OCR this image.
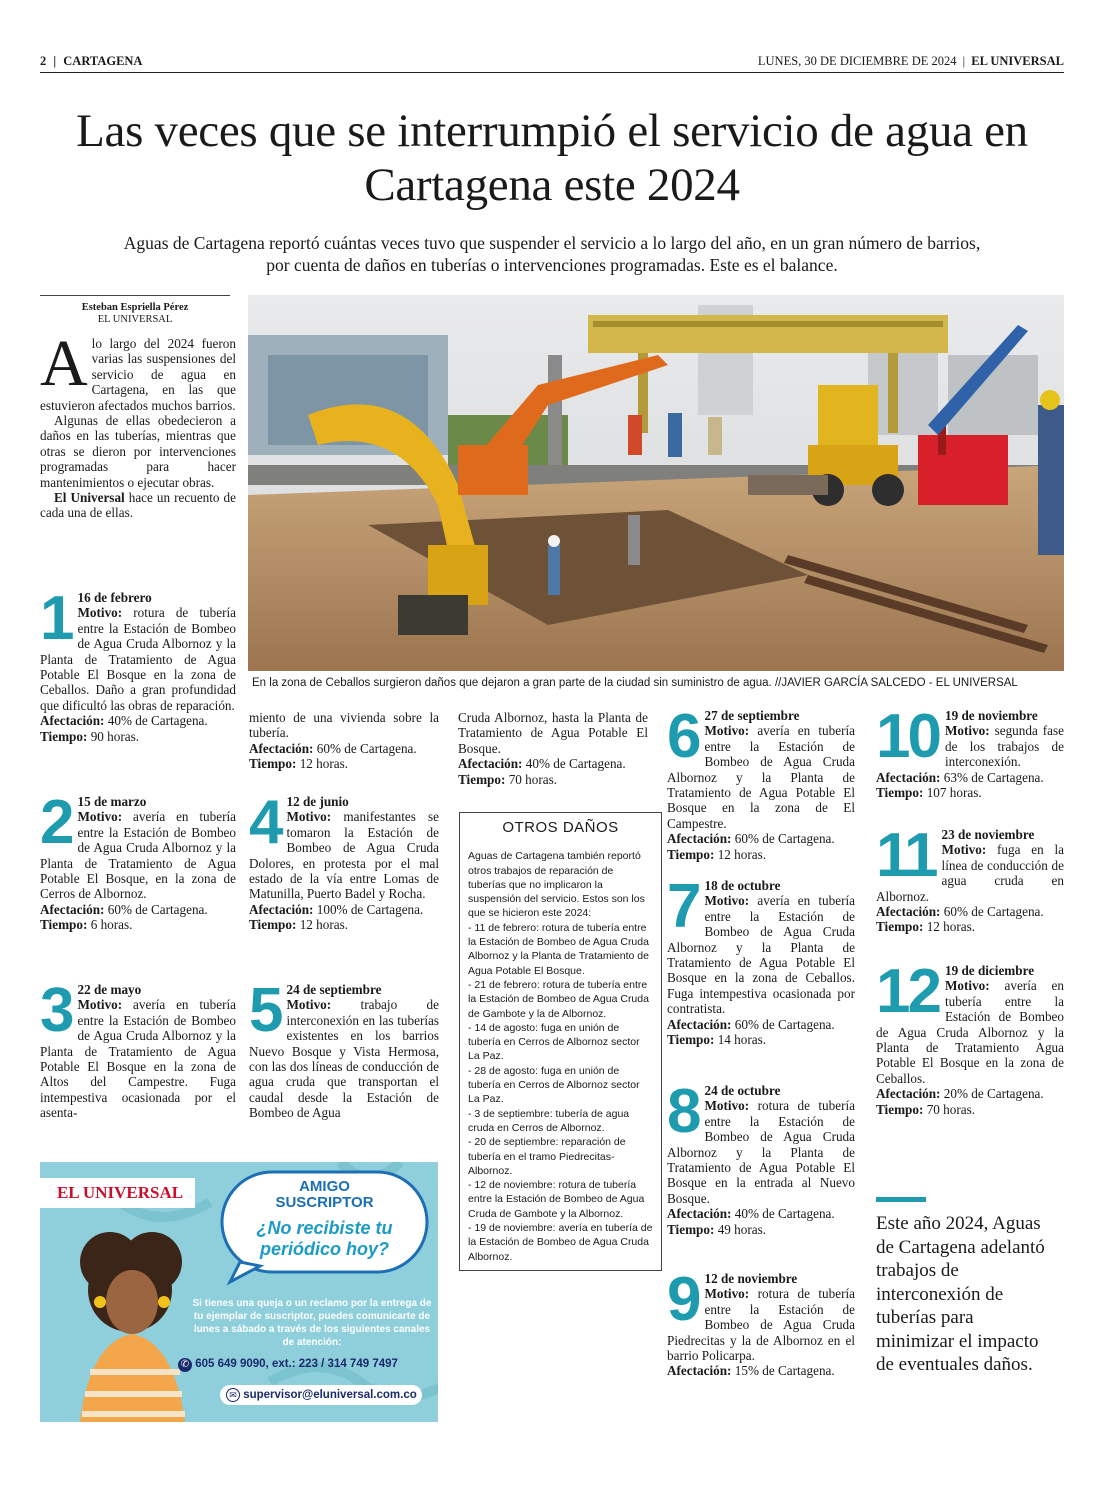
2 | CARTAGENA	LUNES, 30 DE DICIEMBRE DE 2024 | EL UNIVERSAL
Las veces que se interrumpió el servicio de agua en Cartagena este 2024
Aguas de Cartagena reportó cuántas veces tuvo que suspender el servicio a lo largo del año, en un gran número de barrios, por cuenta de daños en tuberías o intervenciones programadas. Este es el balance.
Esteban Espriella Pérez
EL UNIVERSAL

Alo largo del 2024 fueron varias las suspensiones del servicio de agua en Cartagena, en las que estuvieron afectados muchos barrios.

Algunas de ellas obedecieron a daños en las tuberías, mientras que otras se dieron por intervenciones programadas para hacer mantenimientos o ejecutar obras.

El Universal hace un recuento de cada una de ellas.

En la zona de Ceballos surgieron daños que dejaron a gran parte de la ciudad sin suministro de agua. //JAVIER GARCÍA SALCEDO - EL UNIVERSAL
1 16 de febrero

Motivo: rotura de tubería entre la Estación de Bombeo de Agua Cruda Albornoz y la Planta de Tratamiento de Agua Potable El Bosque en la zona de Ceballos. Daño a gran profundidad que dificultó las obras de reparación.

Afectación: 40% de Cartagena.

Tiempo: 90 horas.

2 15 de marzo

Motivo: avería en tubería entre la Estación de Bombeo de Agua Cruda Albornoz y la Planta de Tratamiento de Agua Potable El Bosque, en la zona de Cerros de Albornoz.

Afectación: 60% de Cartagena.

Tiempo: 6 horas.

3 22 de mayo

Motivo: avería en tubería entre la Estación de Bombeo de Agua Cruda Albornoz y la Planta de Tratamiento de Agua Potable El Bosque en la zona de Altos del Campestre. Fuga intempestiva ocasionada por el asenta-

miento de una vivienda sobre la tubería.

Afectación: 60% de Cartagena.

Tiempo: 12 horas.

4 12 de junio

Motivo: manifestantes se tomaron la Estación de Bombeo de Agua Cruda Dolores, en protesta por el mal estado de la vía entre Lomas de Matunilla, Puerto Badel y Rocha.

Afectación: 100% de Cartagena.

Tiempo: 12 horas.

5 24 de septiembre

Motivo: trabajo de interconexión en las tuberías existentes en los barrios Nuevo Bosque y Vista Hermosa, con las dos líneas de conducción de agua cruda que transportan el caudal desde la Estación de Bombeo de Agua

Cruda Albornoz, hasta la Planta de Tratamiento de Agua Potable El Bosque.

Afectación: 40% de Cartagena.

Tiempo: 70 horas.

OTROS DAÑOS

Aguas de Cartagena también reportó otros trabajos de reparación de tuberías que no implicaron la suspensión del servicio. Estos son los que se hicieron este 2024:

- 11 de febrero: rotura de tubería entre la Estación de Bombeo de Agua Cruda Albornoz y la Planta de Tratamiento de Agua Potable El Bosque.

- 21 de febrero: rotura de tubería entre la Estación de Bombeo de Agua Cruda de Gambote y la de Albornoz.

- 14 de agosto: fuga en unión de tubería en Cerros de Albornoz sector La Paz.

- 28 de agosto: fuga en unión de tubería en Cerros de Albornoz sector La Paz.

- 3 de septiembre: tubería de agua cruda en Cerros de Albornoz.

- 20 de septiembre: reparación de tubería en el tramo Piedrecitas-Albornoz.

- 12 de noviembre: rotura de tubería entre la Estación de Bombeo de Agua Cruda de Gambote y la Albornoz.

- 19 de noviembre: avería en tubería de la Estación de Bombeo de Agua Cruda Albornoz.

6 27 de septiembre

Motivo: avería en tubería entre la Estación de Bombeo de Agua Cruda Albornoz y la Planta de Tratamiento de Agua Potable El Bosque en la zona de El Campestre.

Afectación: 60% de Cartagena.

Tiempo: 12 horas.

7 18 de octubre

Motivo: avería en tubería entre la Estación de Bombeo de Agua Cruda Albornoz y la Planta de Tratamiento de Agua Potable El Bosque en la zona de Ceballos. Fuga intempestiva ocasionada por contratista.

Afectación: 60% de Cartagena.

Tiempo: 14 horas.

8 24 de octubre

Motivo: rotura de tubería entre la Estación de Bombeo de Agua Cruda Albornoz y la Planta de Tratamiento de Agua Potable El Bosque en la entrada al Nuevo Bosque.

Afectación: 40% de Cartagena.

Tiempo: 49 horas.

9 12 de noviembre

Motivo: rotura de tubería entre la Estación de Bombeo de Agua Cruda Piedrecitas y la de Albornoz en el barrio Policarpa.

Afectación: 15% de Cartagena.

10 19 de noviembre

Motivo: segunda fase de los trabajos de interconexión.

Afectación: 63% de Cartagena.

Tiempo: 107 horas.

11 23 de noviembre

Motivo: fuga en la línea de conducción de agua cruda en Albornoz.

Afectación: 60% de Cartagena.

Tiempo: 12 horas.

12 19 de diciembre

Motivo: avería en tubería entre la Estación de Bombeo de Agua Cruda Albornoz y la Planta de Tratamiento Agua Potable El Bosque en la zona de Ceballos.

Afectación: 20% de Cartagena.

Tiempo: 70 horas.

Este año 2024, Aguas de Cartagena adelantó trabajos de interconexión de tuberías para minimizar el impacto de eventuales daños.
EL UNIVERSAL	AMIGO
SUSCRIPTOR
¿No recibiste tu
periódico hoy?
Si tienes una queja o un reclamo por la entrega de tu ejemplar de suscriptor, puedes comunicarte de lunes a sábado a través de los siguientes canales de atención:
✆ 605 649 9090, ext.: 223 / 314 749 7497
✉ supervisor@eluniversal.com.co
